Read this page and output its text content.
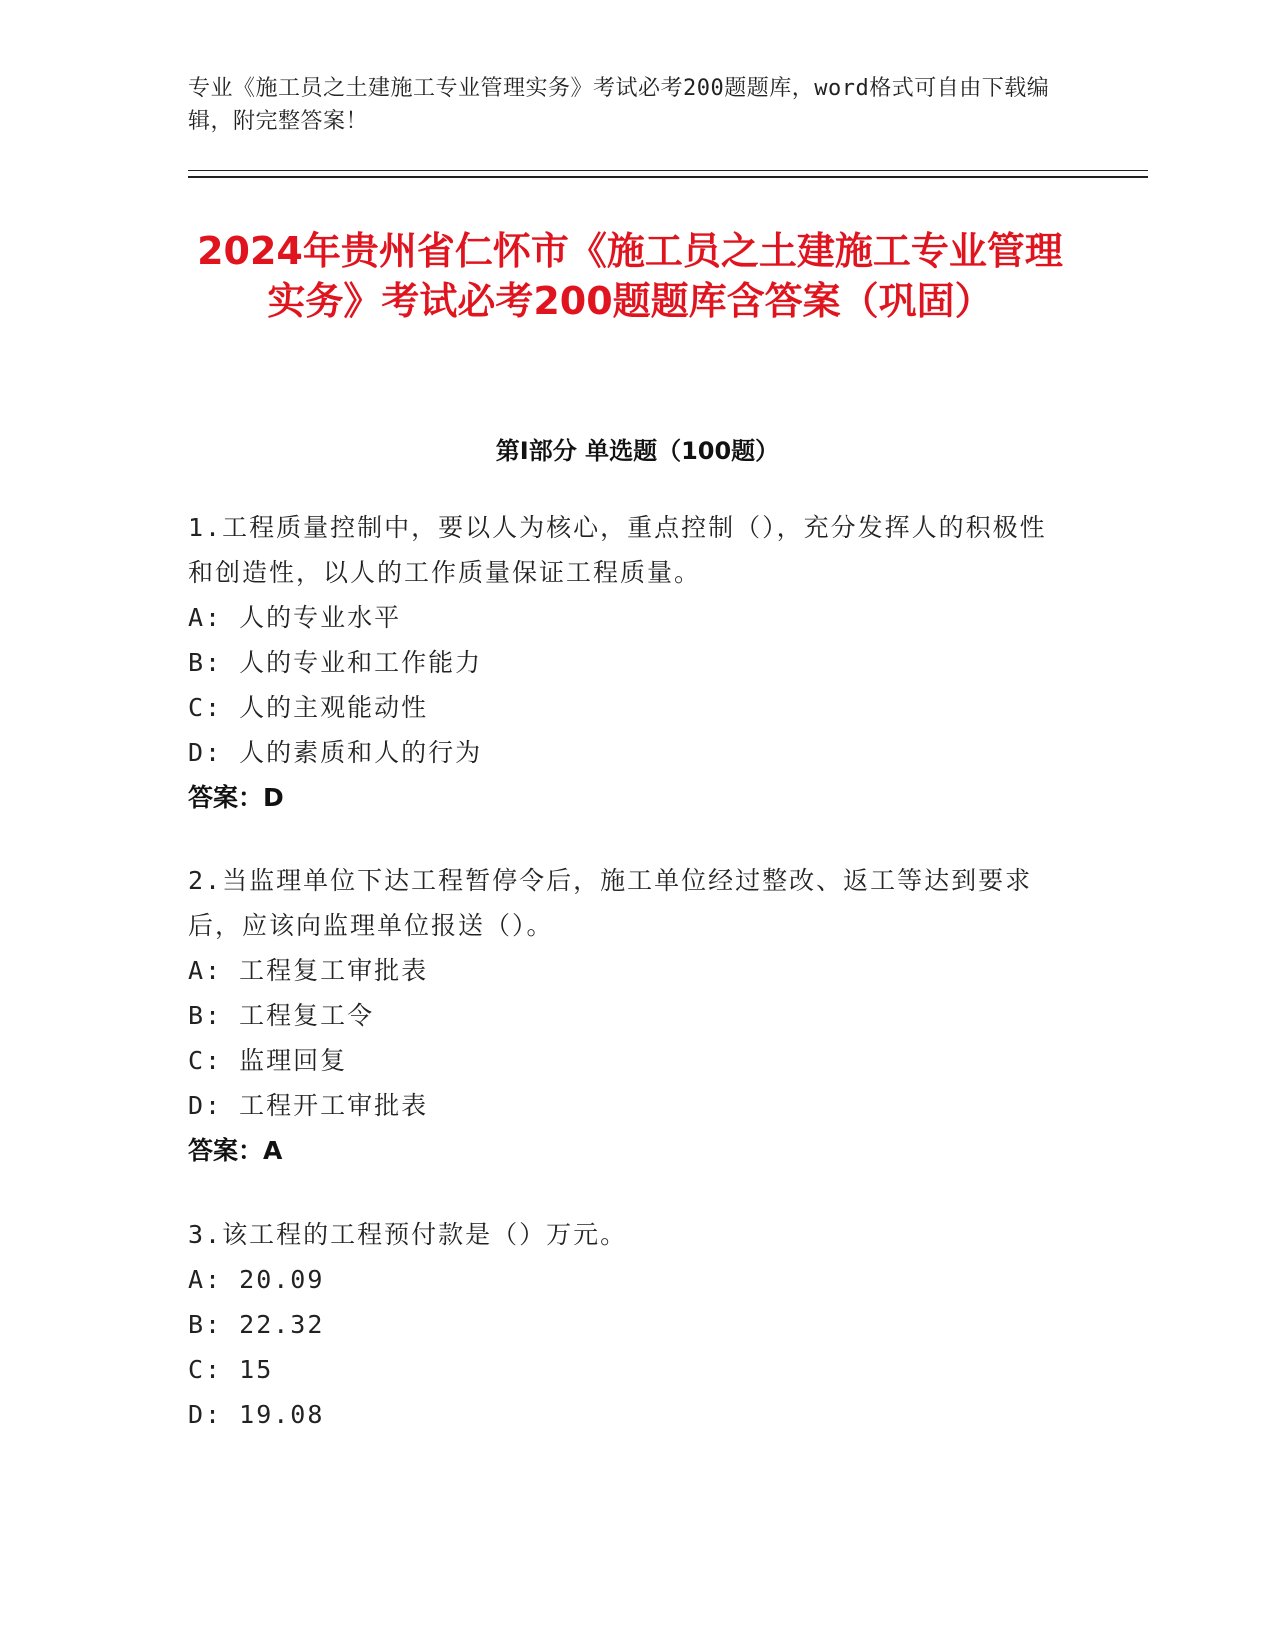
专业《施工员之土建施工专业管理实务》考试必考200题题库，word格式可自由下载编辑，附完整答案！
2024年贵州省仁怀市《施工员之土建施工专业管理实务》考试必考200题题库含答案（巩固）
第Ⅰ部分 单选题（100题）
1.工程质量控制中，要以人为核心，重点控制（），充分发挥人的积极性和创造性，以人的工作质量保证工程质量。
A: 人的专业水平
B: 人的专业和工作能力
C: 人的主观能动性
D: 人的素质和人的行为
答案：D
2.当监理单位下达工程暂停令后，施工单位经过整改、返工等达到要求后，应该向监理单位报送（）。
A: 工程复工审批表
B: 工程复工令
C: 监理回复
D: 工程开工审批表
答案：A
3.该工程的工程预付款是（）万元。
A: 20.09
B: 22.32
C: 15
D: 19.08
